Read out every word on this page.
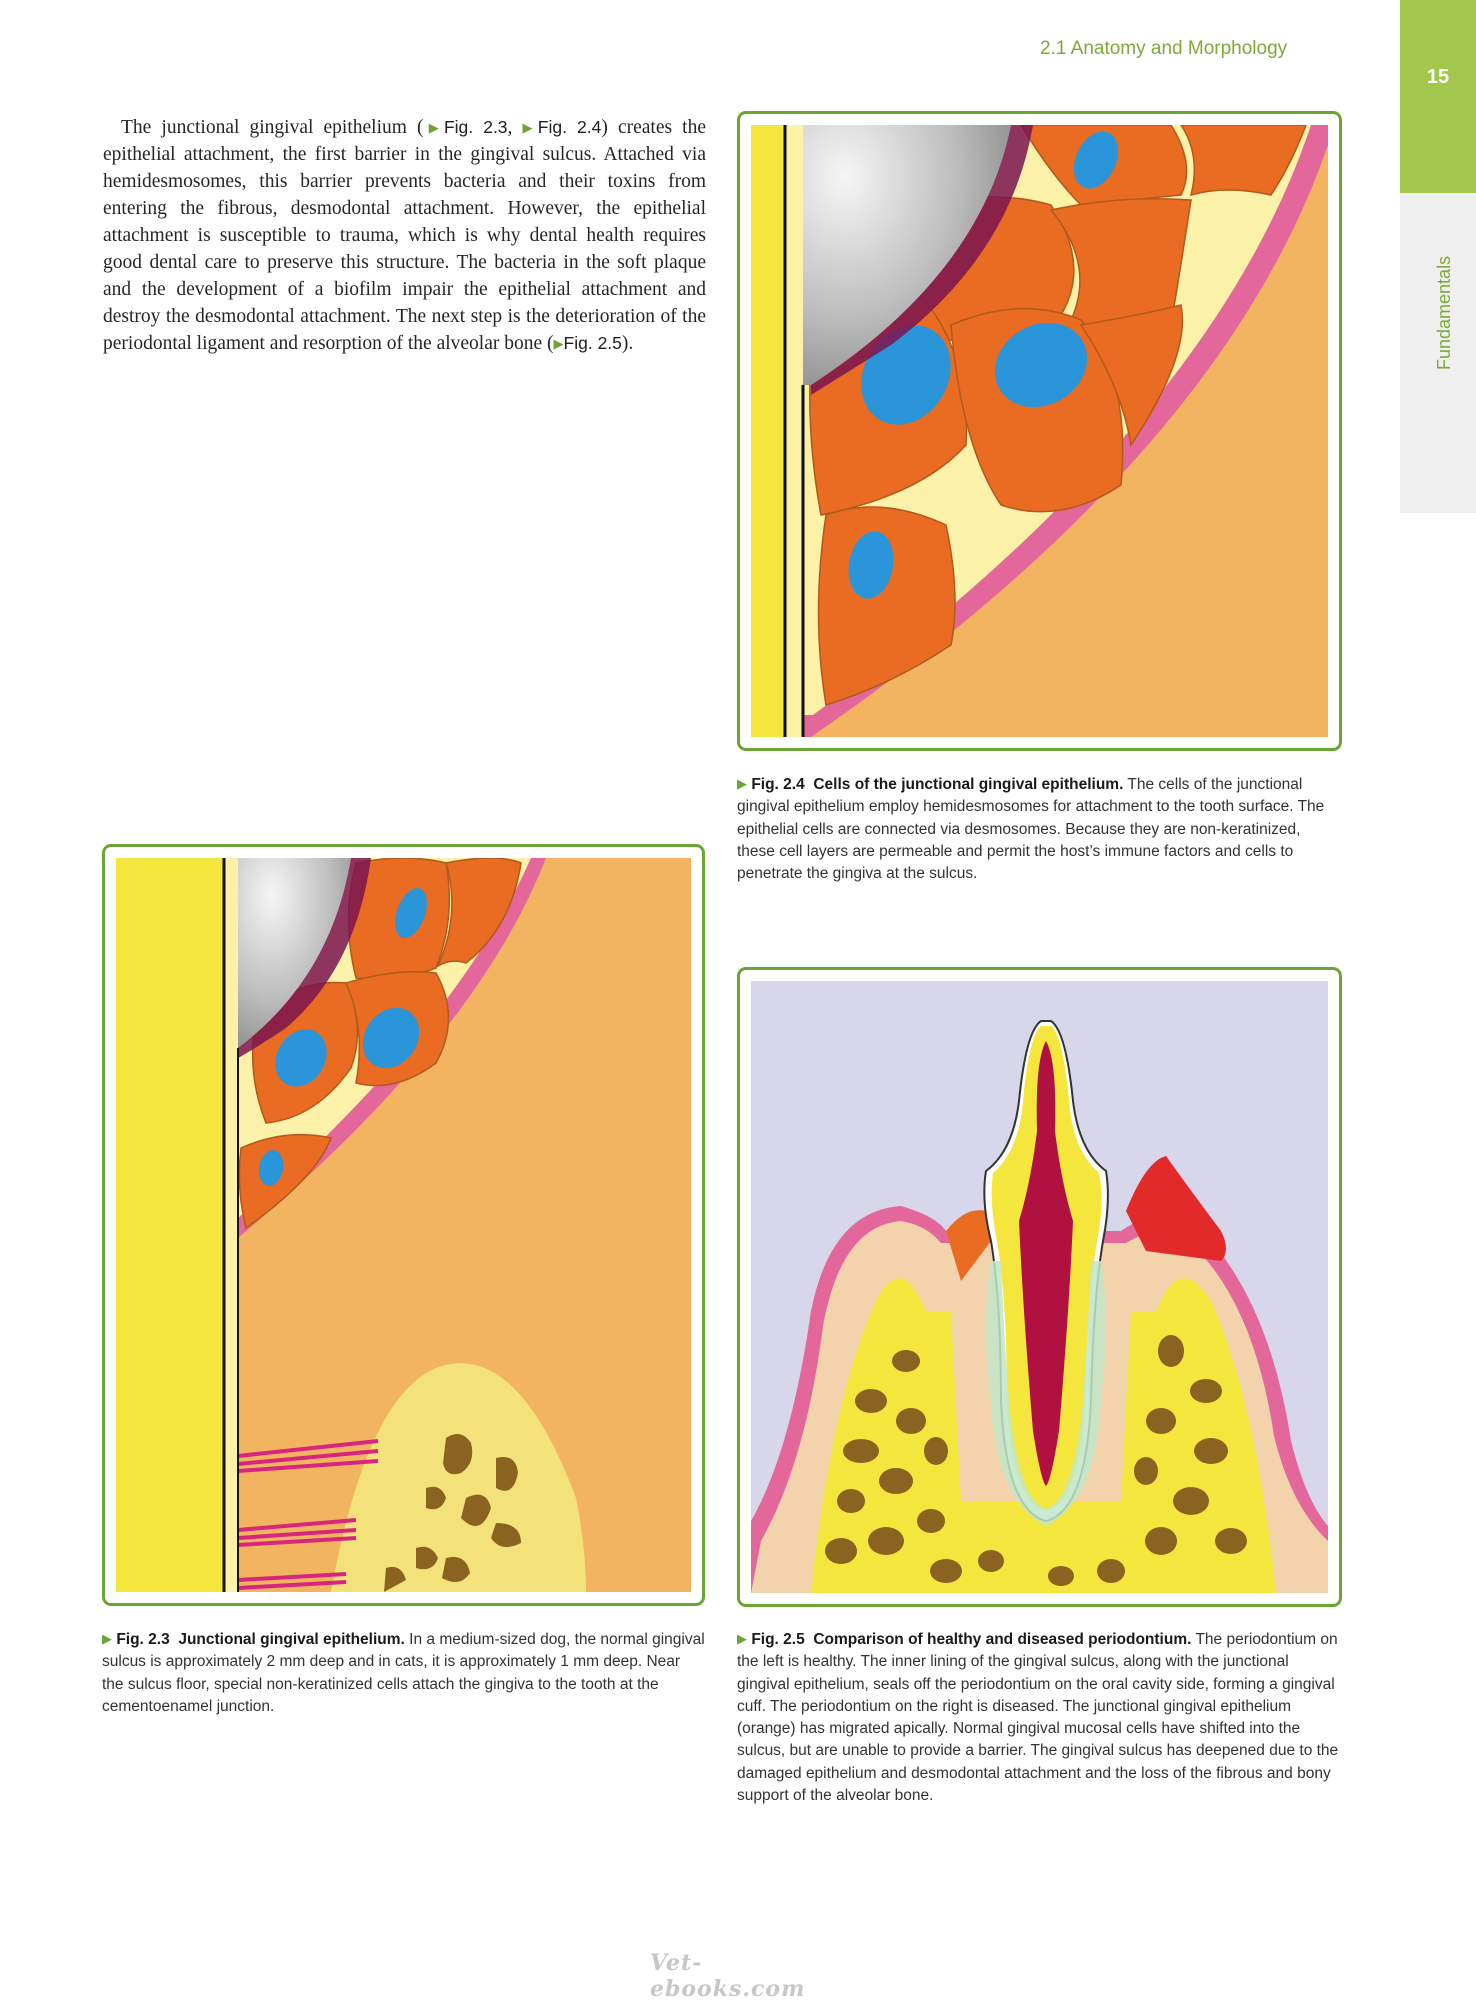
2.1 Anatomy and Morphology
15
Fundamentals
The junctional gingival epithelium (▶Fig. 2.3, ▶Fig. 2.4) creates the epithelial attachment, the first barrier in the gingival sulcus. Attached via hemidesmosomes, this barrier prevents bacteria and their toxins from entering the fibrous, desmodontal attachment. However, the epithelial attachment is susceptible to trauma, which is why dental health requires good dental care to preserve this structure. The bacteria in the soft plaque and the development of a biofilm impair the epithelial attachment and destroy the desmodontal attachment. The next step is the deterioration of the periodontal ligament and resorption of the alveolar bone (▶Fig. 2.5).
▶ Fig. 2.4 Cells of the junctional gingival epithelium. The cells of the junctional gingival epithelium employ hemidesmosomes for attachment to the tooth surface. The epithelial cells are connected via desmosomes. Because they are non-keratinized, these cell layers are permeable and permit the host’s immune factors and cells to penetrate the gingiva at the sulcus.
▶ Fig. 2.3 Junctional gingival epithelium. In a medium-sized dog, the normal gingival sulcus is approximately 2 mm deep and in cats, it is approximately 1 mm deep. Near the sulcus floor, special non-keratinized cells attach the gingiva to the tooth at the cementoenamel junction.
▶ Fig. 2.5 Comparison of healthy and diseased periodontium. The periodontium on the left is healthy. The inner lining of the gingival sulcus, along with the junctional gingival epithelium, seals off the periodontium on the oral cavity side, forming a gingival cuff. The periodontium on the right is diseased. The junctional gingival epithelium (orange) has migrated apically. Normal gingival mucosal cells have shifted into the sulcus, but are unable to provide a barrier. The gingival sulcus has deepened due to the damaged epithelium and desmodontal attachment and the loss of the fibrous and bony support of the alveolar bone.
Vet-ebooks.com
